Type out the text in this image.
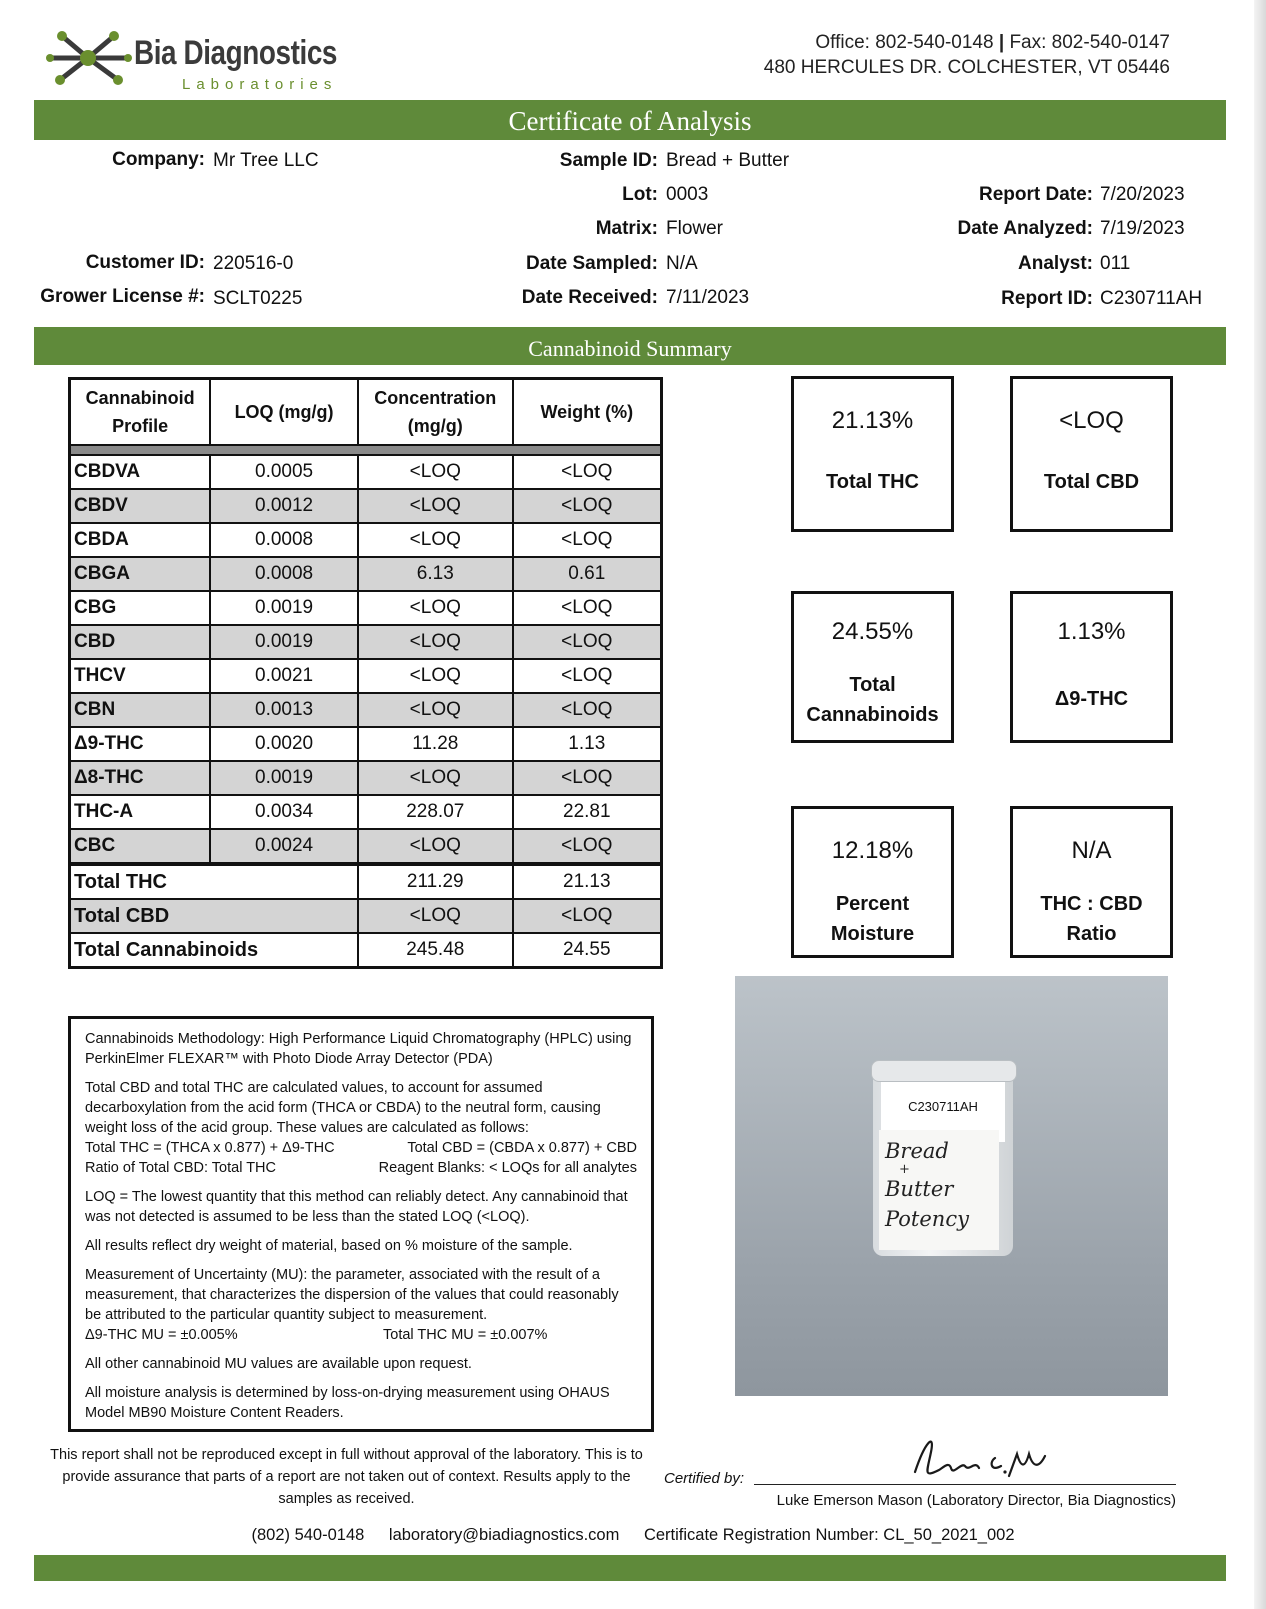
Bia Diagnostics
Laboratories
Office: 802-540-0148 | Fax: 802-540-0147
480 HERCULES DR. COLCHESTER, VT 05446
Certificate of Analysis
Company: Mr Tree LLC
Customer ID: 220516-0
Grower License #: SCLT0225
Sample ID: Bread + Butter
Lot: 0003
Matrix: Flower
Date Sampled: N/A
Date Received: 7/11/2023
Report Date: 7/20/2023
Date Analyzed: 7/19/2023
Analyst: 011
Report ID: C230711AH
Cannabinoid Summary
Cannabinoid Profile	LOQ (mg/g)	Concentration (mg/g)	Weight (%)

CBDVA	0.0005	<LOQ	<LOQ
CBDV	0.0012	<LOQ	<LOQ
CBDA	0.0008	<LOQ	<LOQ
CBGA	0.0008	6.13	0.61
CBG	0.0019	<LOQ	<LOQ
CBD	0.0019	<LOQ	<LOQ
THCV	0.0021	<LOQ	<LOQ
CBN	0.0013	<LOQ	<LOQ
Δ9-THC	0.0020	11.28	1.13
Δ8-THC	0.0019	<LOQ	<LOQ
THC-A	0.0034	228.07	22.81
CBC	0.0024	<LOQ	<LOQ
Total THC		211.29	21.13
Total CBD		<LOQ	<LOQ
Total Cannabinoids		245.48	24.55
21.13%
Total THC
<LOQ
Total CBD
24.55%
Total
Cannabinoids
1.13%
Δ9-THC
12.18%
Percent
Moisture
N/A
THC : CBD
Ratio

Cannabinoids Methodology: High Performance Liquid Chromatography (HPLC) using PerkinElmer FLEXAR™ with Photo Diode Array Detector (PDA)

Total CBD and total THC are calculated values, to account for assumed decarboxylation from the acid form (THCA or CBDA) to the neutral form, causing weight loss of the acid group. These values are calculated as follows:

Total THC = (THCA x 0.877) + Δ9-THC	Total CBD = (CBDA x 0.877) + CBD
Ratio of Total CBD: Total THC	Reagent Blanks: < LOQs for all analytes

LOQ = The lowest quantity that this method can reliably detect. Any cannabinoid that was not detected is assumed to be less than the stated LOQ (<LOQ).

All results reflect dry weight of material, based on % moisture of the sample.

Measurement of Uncertainty (MU): the parameter, associated with the result of a measurement, that characterizes the dispersion of the values that could reasonably be attributed to the particular quantity subject to measurement.

Δ9-THC MU = ±0.005%	Total THC MU = ±0.007%

All other cannabinoid MU values are available upon request.

All moisture analysis is determined by loss-on-drying measurement using OHAUS Model MB90 Moisture Content Readers.

C230711AH
Bread
+
Butter
Potency
This report shall not be reproduced except in full without approval of the laboratory. This is to provide assurance that parts of a report are not taken out of context. Results apply to the samples as received.
Certified by:
Luke Emerson Mason (Laboratory Director, Bia Diagnostics)
(802) 540-0148 laboratory@biadiagnostics.com Certificate Registration Number: CL_50_2021_002
